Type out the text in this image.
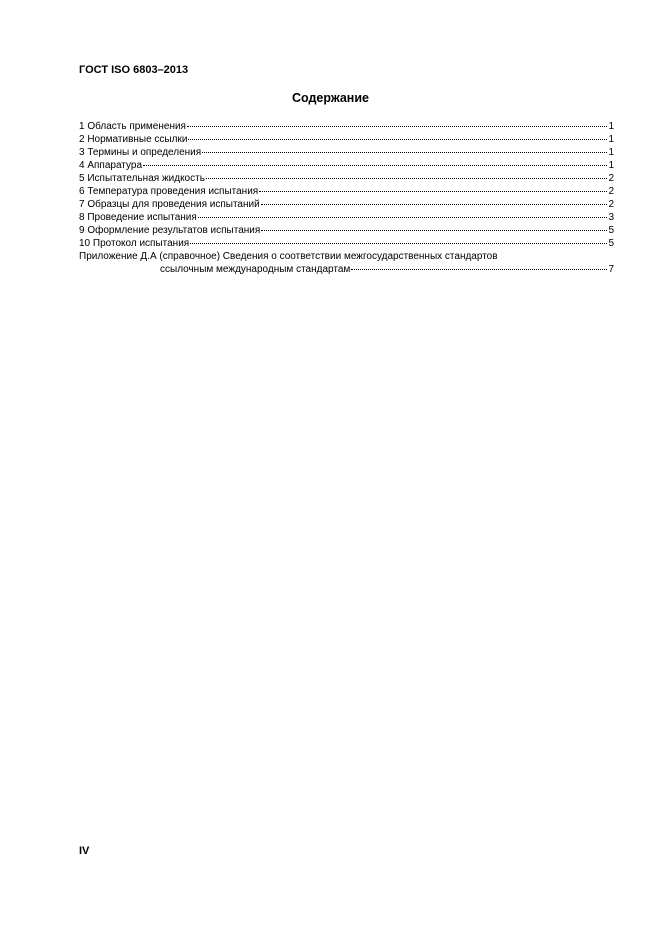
ГОСТ ISO 6803–2013
Содержание
1 Область применения	1
2 Нормативные ссылки	1
3 Термины и определения	1
4 Аппаратура	1
5 Испытательная жидкость	2
6 Температура проведения испытания	2
7 Образцы для проведения испытаний	2
8 Проведение испытания	3
9 Оформление результатов испытания	5
10 Протокол испытания	5
Приложение Д.А (справочное) Сведения о соответствии межгосударственных стандартов
ссылочным международным стандартам	7
IV
